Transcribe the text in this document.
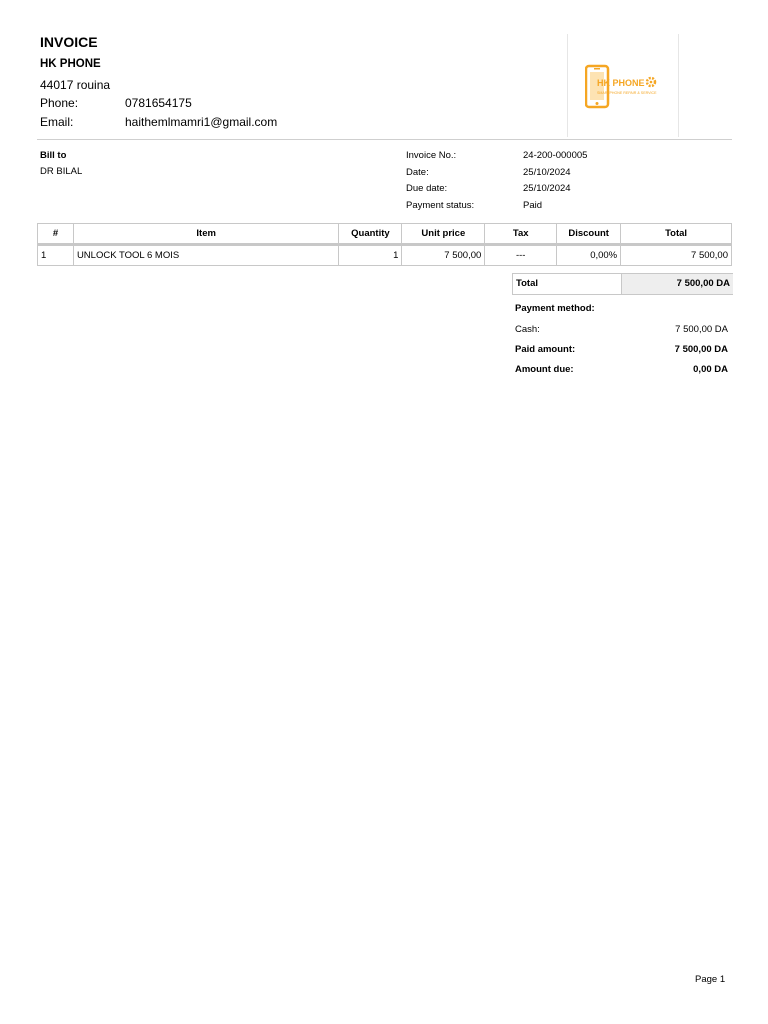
INVOICE
HK PHONE
44017 rouina
Phone:	0781654175
Email:	haithemlmamri1@gmail.com
HK PHONE
SMARTPHONE REPAIR & SERVICE
Bill to
DR BILAL
Invoice No.:	24-200-000005
Date:	25/10/2024
Due date:	25/10/2024
Payment status:	Paid
#	Item	Quantity	Unit price	Tax	Discount	Total
1	UNLOCK TOOL 6 MOIS	1	7 500,00	---	0,00%	7 500,00
Total	7 500,00 DA
Payment method:
Cash:	7 500,00 DA
Paid amount:	7 500,00 DA
Amount due:	0,00 DA
Page 1
